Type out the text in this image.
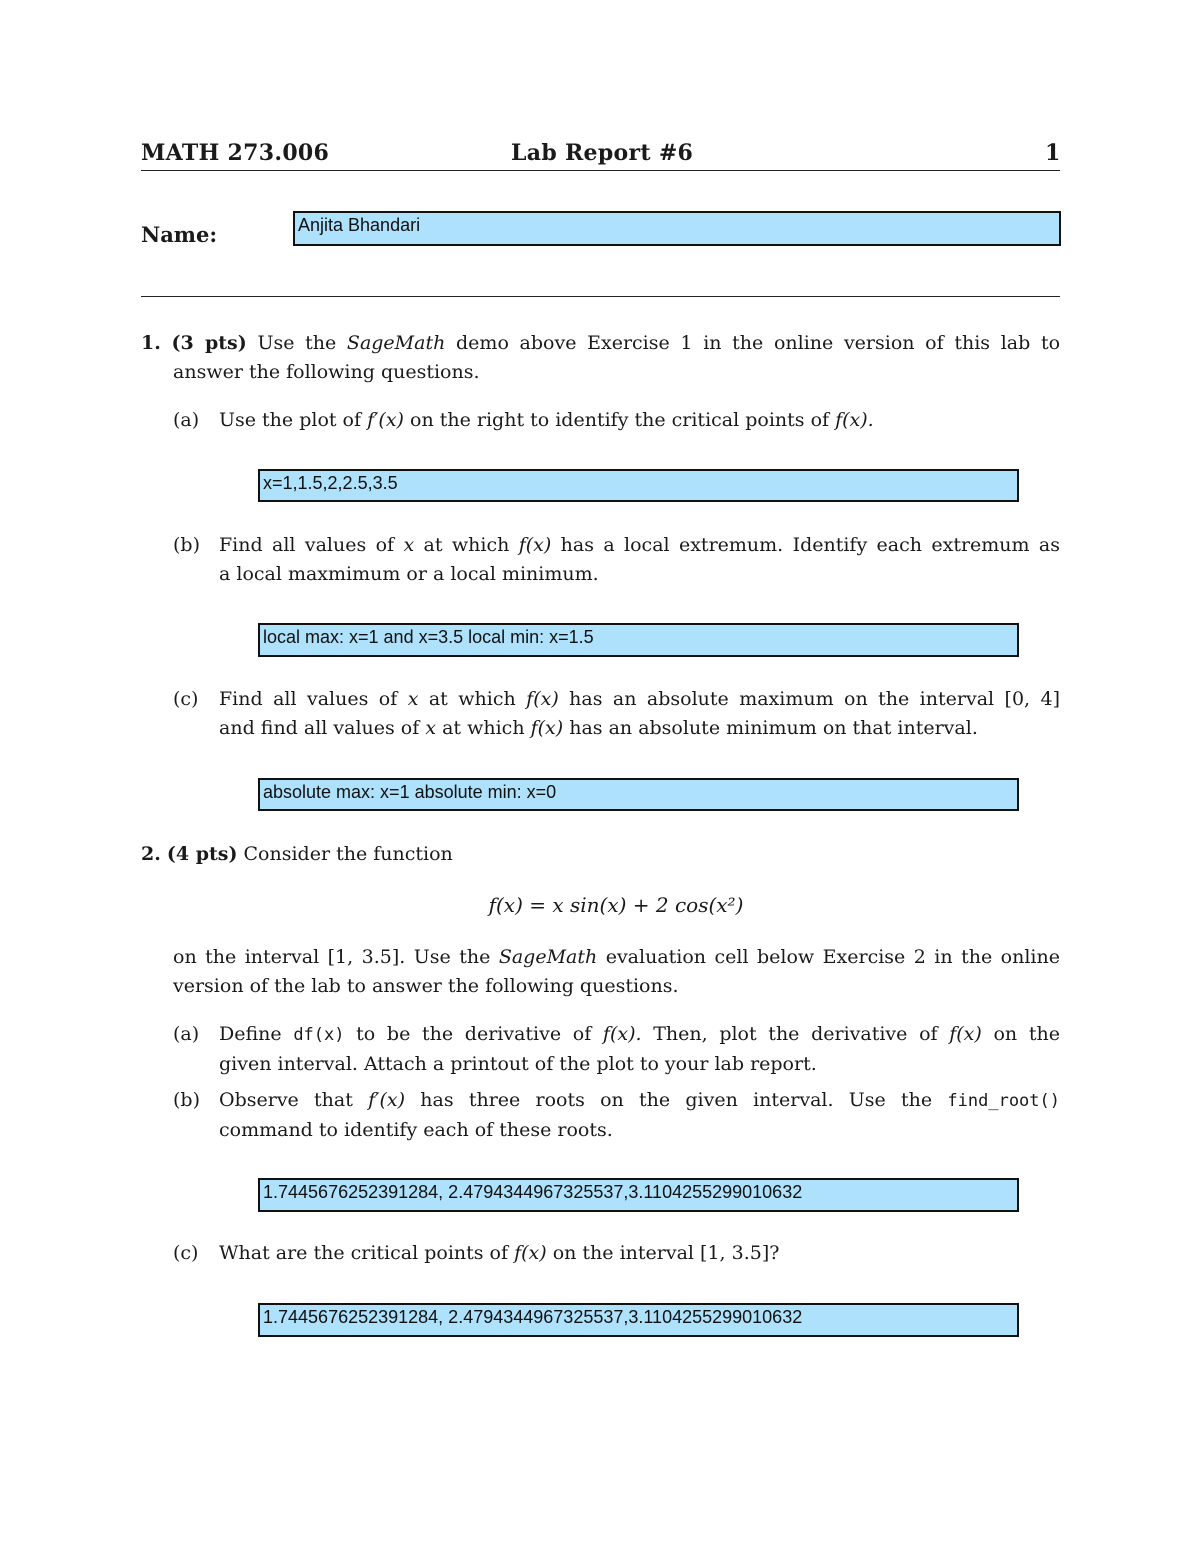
MATH 273.006	Lab Report #6	1
Name:	Anjita Bhandari
1. (3 pts) Use the SageMath demo above Exercise 1 in the online version of this lab to
answer the following questions.
(a) Use the plot of f′(x) on the right to identify the critical points of f(x).
x=1,1.5,2,2.5,3.5
(b) Find all values of x at which f(x) has a local extremum. Identify each extremum as
a local maxmimum or a local minimum.
local max: x=1 and x=3.5 local min: x=1.5
(c) Find all values of x at which f(x) has an absolute maximum on the interval [0, 4]
and find all values of x at which f(x) has an absolute minimum on that interval.
absolute max: x=1 absolute min: x=0
2. (4 pts) Consider the function
f(x) = x sin(x) + 2 cos(x²)
on the interval [1, 3.5]. Use the SageMath evaluation cell below Exercise 2 in the online
version of the lab to answer the following questions.
(a) Define df(x) to be the derivative of f(x). Then, plot the derivative of f(x) on the
given interval. Attach a printout of the plot to your lab report.
(b) Observe that f′(x) has three roots on the given interval. Use the find_root()
command to identify each of these roots.
1.7445676252391284, 2.4794344967325537,3.1104255299010632
(c) What are the critical points of f(x) on the interval [1, 3.5]?
1.7445676252391284, 2.4794344967325537,3.1104255299010632
